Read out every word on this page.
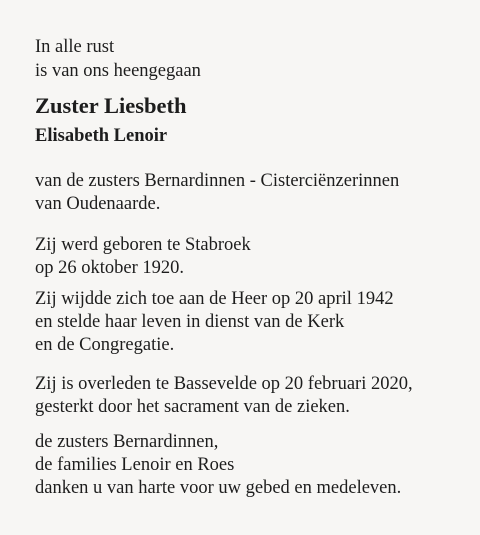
In alle rust
is van ons heengegaan
Zuster Liesbeth
Elisabeth Lenoir
van de zusters Bernardinnen - Cisterciënzerinnen
van Oudenaarde.
Zij werd geboren te Stabroek
op 26 oktober 1920.
Zij wijdde zich toe aan de Heer op 20 april 1942
en stelde haar leven in dienst van de Kerk
en de Congregatie.
Zij is overleden te Bassevelde op 20 februari 2020,
gesterkt door het sacrament van de zieken.
de zusters Bernardinnen,
de families Lenoir en Roes
danken u van harte voor uw gebed en medeleven.
